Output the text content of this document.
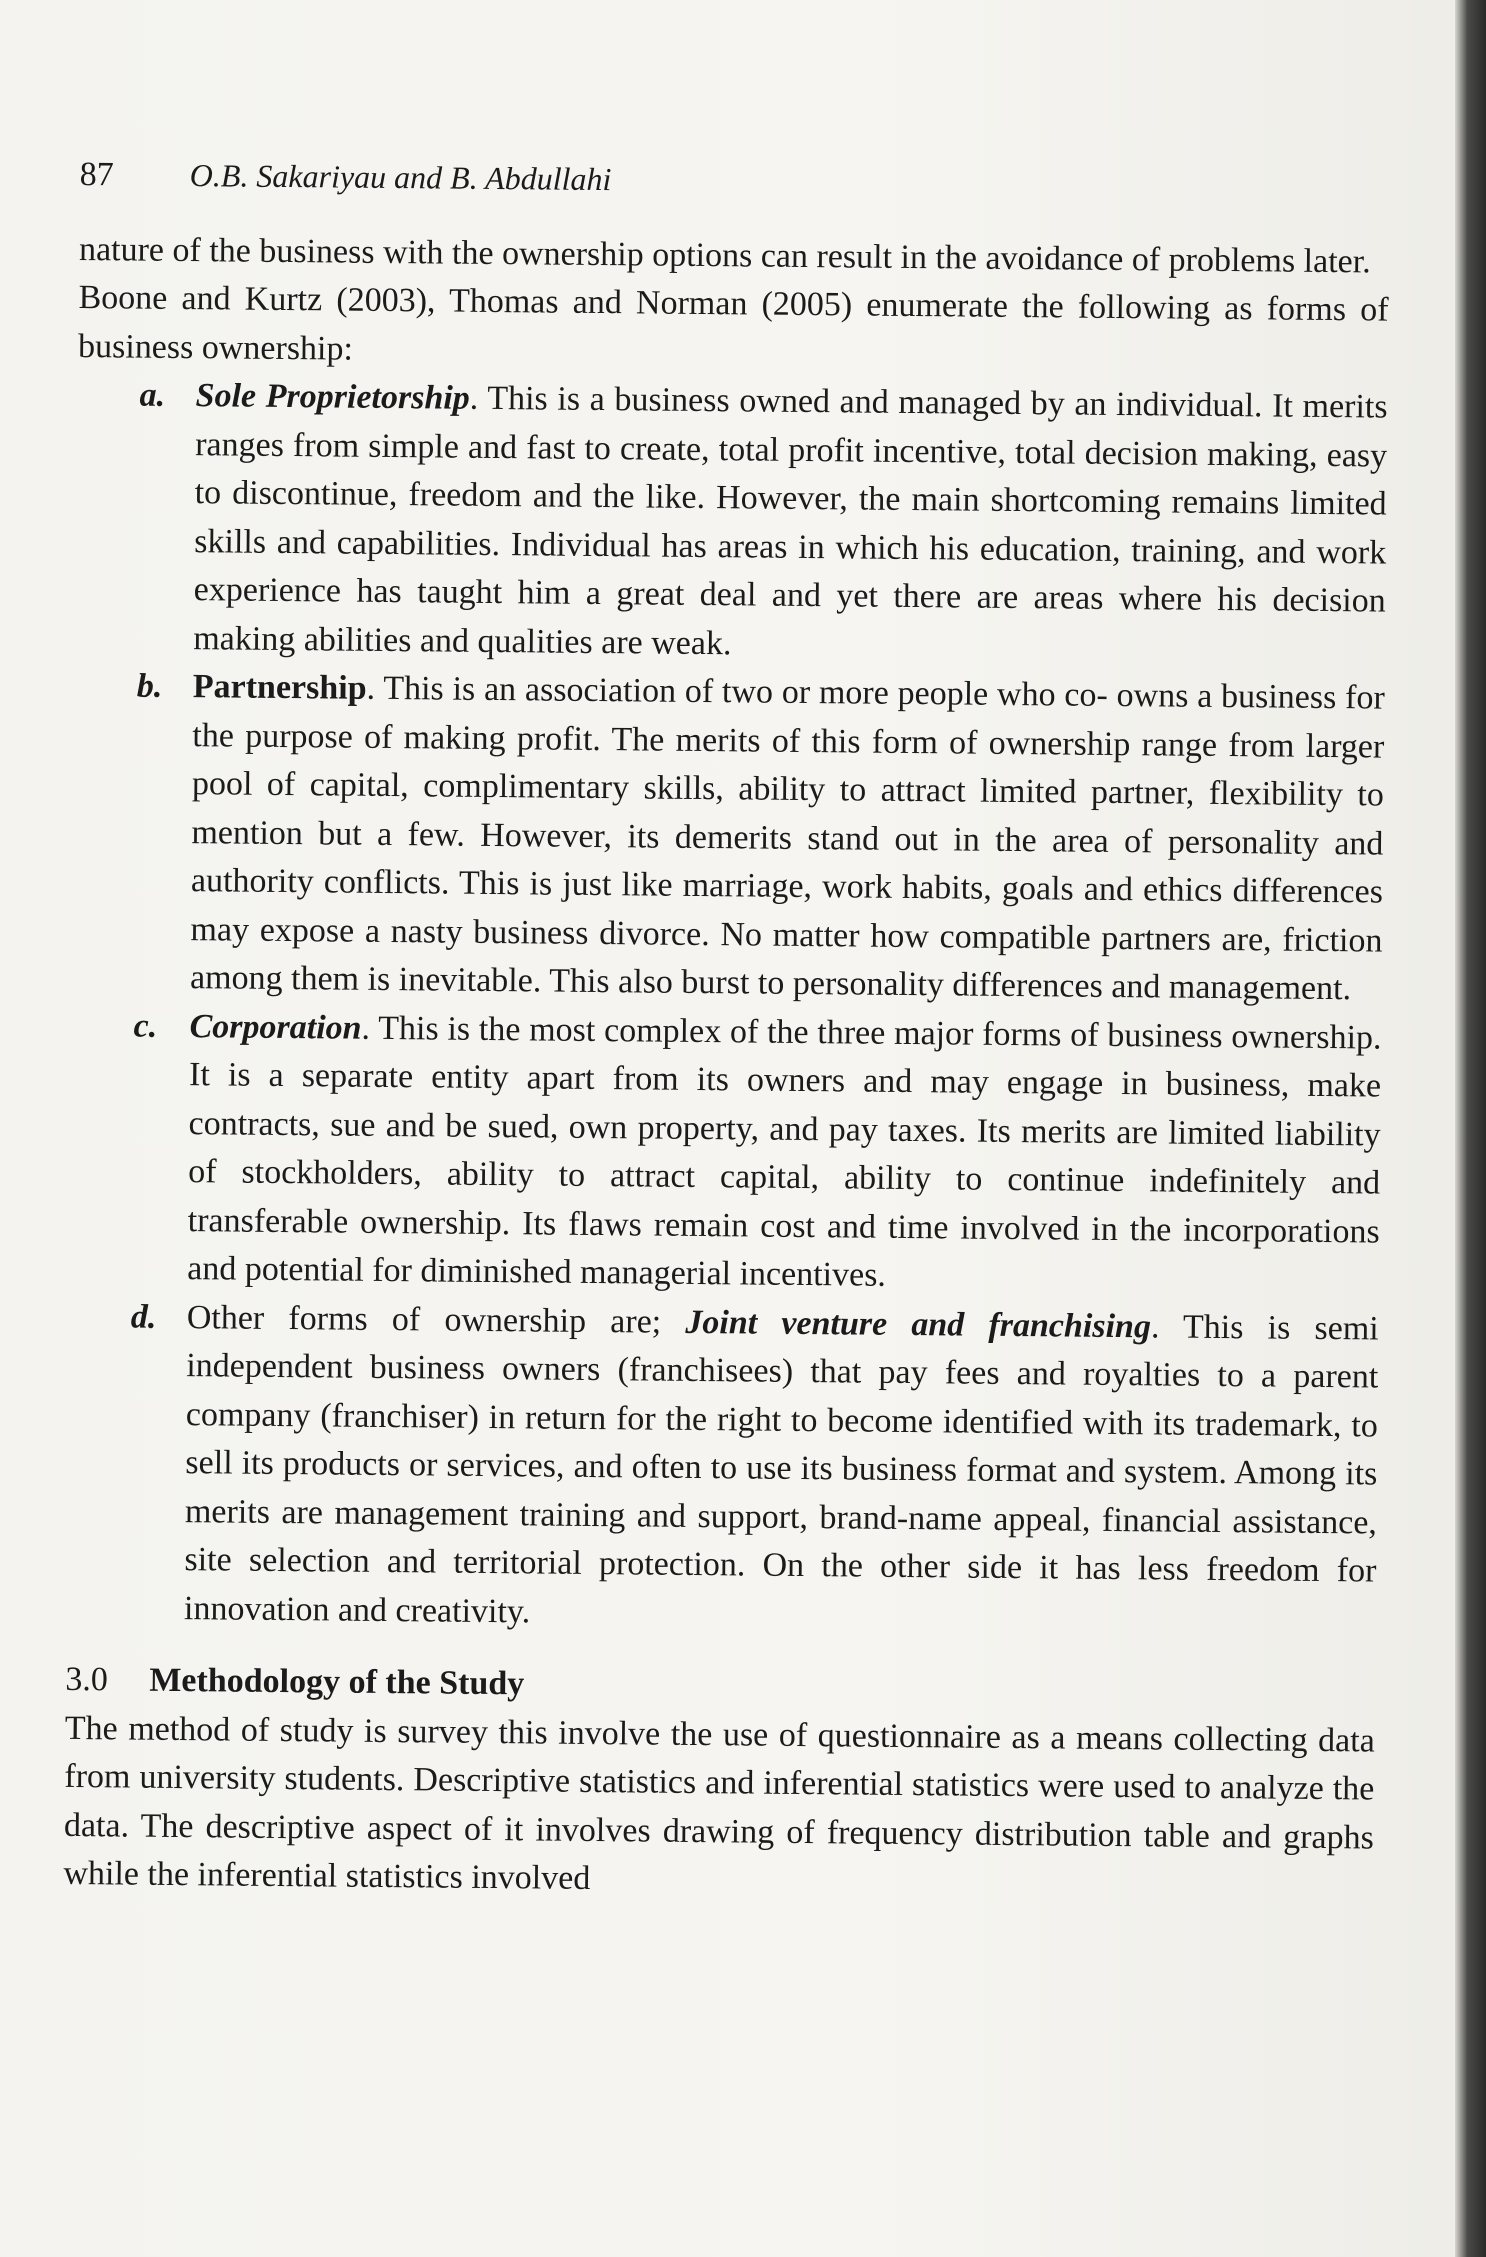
87	O.B. Sakariyau and B. Abdullahi

nature of the business with the ownership options can result in the avoidance of problems later.

Boone and Kurtz (2003), Thomas and Norman (2005) enumerate the following as forms of business ownership:

a. Sole Proprietorship. This is a business owned and managed by an individual. It merits ranges from simple and fast to create, total profit incentive, total decision making, easy to discontinue, freedom and the like. However, the main shortcoming remains limited skills and capabilities. Individual has areas in which his education, training, and work experience has taught him a great deal and yet there are areas where his decision making abilities and qualities are weak.
b. Partnership. This is an association of two or more people who co- owns a business for the purpose of making profit. The merits of this form of ownership range from larger pool of capital, complimentary skills, ability to attract limited partner, flexibility to mention but a few. However, its demerits stand out in the area of personality and authority conflicts. This is just like marriage, work habits, goals and ethics differences may expose a nasty business divorce. No matter how compatible partners are, friction among them is inevitable. This also burst to personality differences and management.
c. Corporation. This is the most complex of the three major forms of business ownership. It is a separate entity apart from its owners and may engage in business, make contracts, sue and be sued, own property, and pay taxes. Its merits are limited liability of stockholders, ability to attract capital, ability to continue indefinitely and transferable ownership. Its flaws remain cost and time involved in the incorporations and potential for diminished managerial incentives.
d. Other forms of ownership are; Joint venture and franchising. This is semi independent business owners (franchisees) that pay fees and royalties to a parent company (franchiser) in return for the right to become identified with its trademark, to sell its products or services, and often to use its business format and system. Among its merits are management training and support, brand-name appeal, financial assistance, site selection and territorial protection. On the other side it has less freedom for innovation and creativity.
3.0	Methodology of the Study

The method of study is survey this involve the use of questionnaire as a means collecting data from university students. Descriptive statistics and inferential statistics were used to analyze the data. The descriptive aspect of it involves drawing of frequency distribution table and graphs while the inferential statistics involved
